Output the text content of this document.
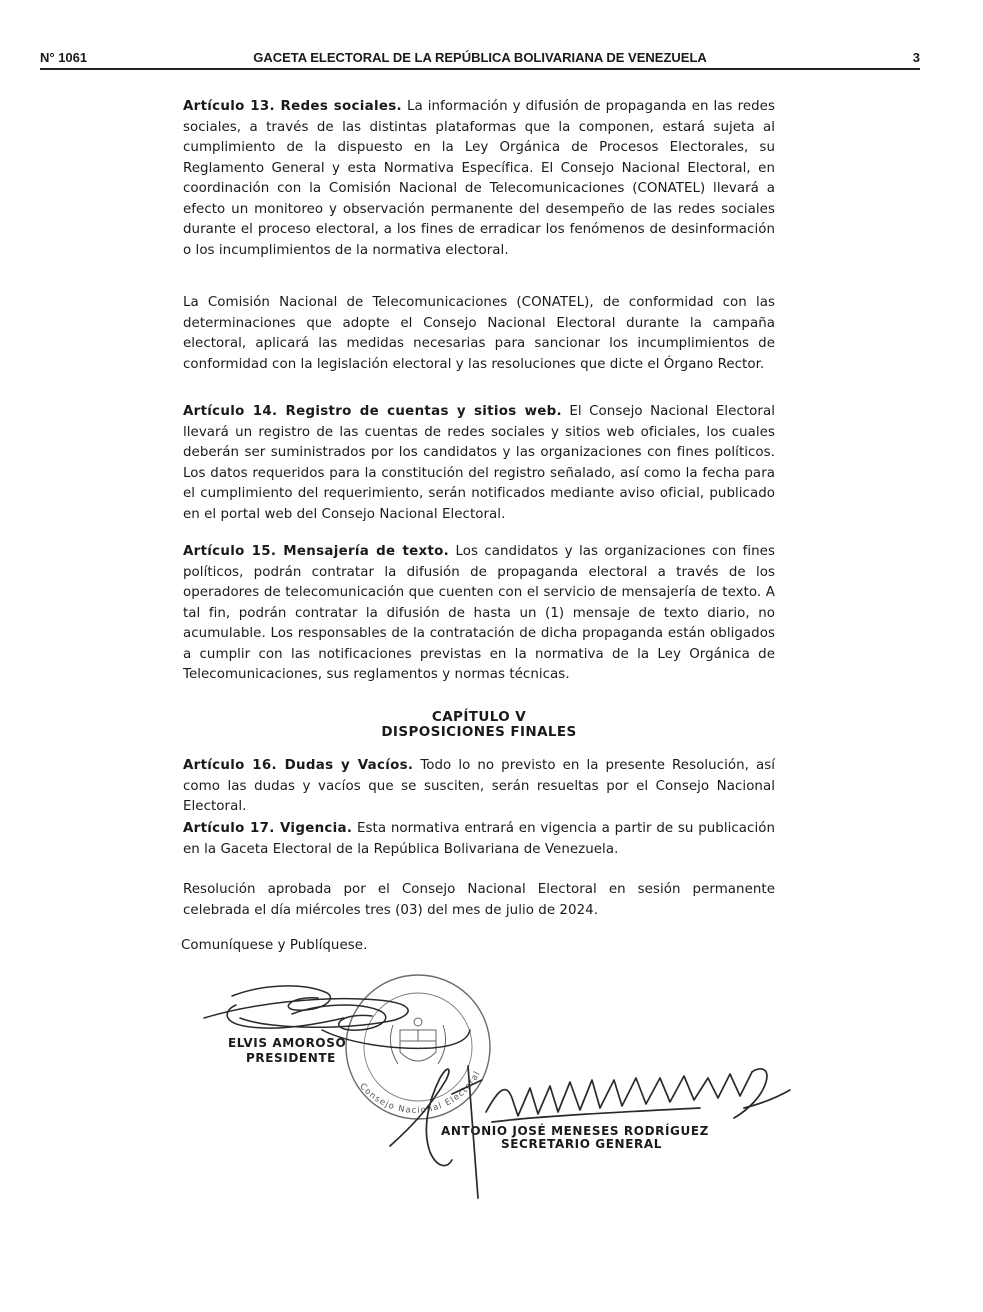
N° 1061	GACETA ELECTORAL DE LA REPÚBLICA BOLIVARIANA DE VENEZUELA	3
Artículo 13. Redes sociales. La información y difusión de propaganda en las redes sociales, a través de las distintas plataformas que la componen, estará sujeta al cumplimiento de la dispuesto en la Ley Orgánica de Procesos Electorales, su Reglamento General y esta Normativa Específica. El Consejo Nacional Electoral, en coordinación con la Comisión Nacional de Telecomunicaciones (CONATEL) llevará a efecto un monitoreo y observación permanente del desempeño de las redes sociales durante el proceso electoral, a los fines de erradicar los fenómenos de desinformación o los incumplimientos de la normativa electoral.
La Comisión Nacional de Telecomunicaciones (CONATEL), de conformidad con las determinaciones que adopte el Consejo Nacional Electoral durante la campaña electoral, aplicará las medidas necesarias para sancionar los incumplimientos de conformidad con la legislación electoral y las resoluciones que dicte el Órgano Rector.
Artículo 14. Registro de cuentas y sitios web. El Consejo Nacional Electoral llevará un registro de las cuentas de redes sociales y sitios web oficiales, los cuales deberán ser suministrados por los candidatos y las organizaciones con fines políticos. Los datos requeridos para la constitución del registro señalado, así como la fecha para el cumplimiento del requerimiento, serán notificados mediante aviso oficial, publicado en el portal web del Consejo Nacional Electoral.
Artículo 15. Mensajería de texto. Los candidatos y las organizaciones con fines políticos, podrán contratar la difusión de propaganda electoral a través de los operadores de telecomunicación que cuenten con el servicio de mensajería de texto. A tal fin, podrán contratar la difusión de hasta un (1) mensaje de texto diario, no acumulable. Los responsables de la contratación de dicha propaganda están obligados a cumplir con las notificaciones previstas en la normativa de la Ley Orgánica de Telecomunicaciones, sus reglamentos y normas técnicas.
CAPÍTULO V
DISPOSICIONES FINALES
Artículo 16. Dudas y Vacíos. Todo lo no previsto en la presente Resolución, así como las dudas y vacíos que se susciten, serán resueltas por el Consejo Nacional Electoral.
Artículo 17. Vigencia. Esta normativa entrará en vigencia a partir de su publicación en la Gaceta Electoral de la República Bolivariana de Venezuela.
Resolución aprobada por el Consejo Nacional Electoral en sesión permanente celebrada el día miércoles tres (03) del mes de julio de 2024.
Comuníquese y Publíquese.
Consejo Nacional Electoral
ELVIS AMOROSO
PRESIDENTE
ANTONIO JOSÉ MENESES RODRÍGUEZ
SECRETARIO GENERAL
